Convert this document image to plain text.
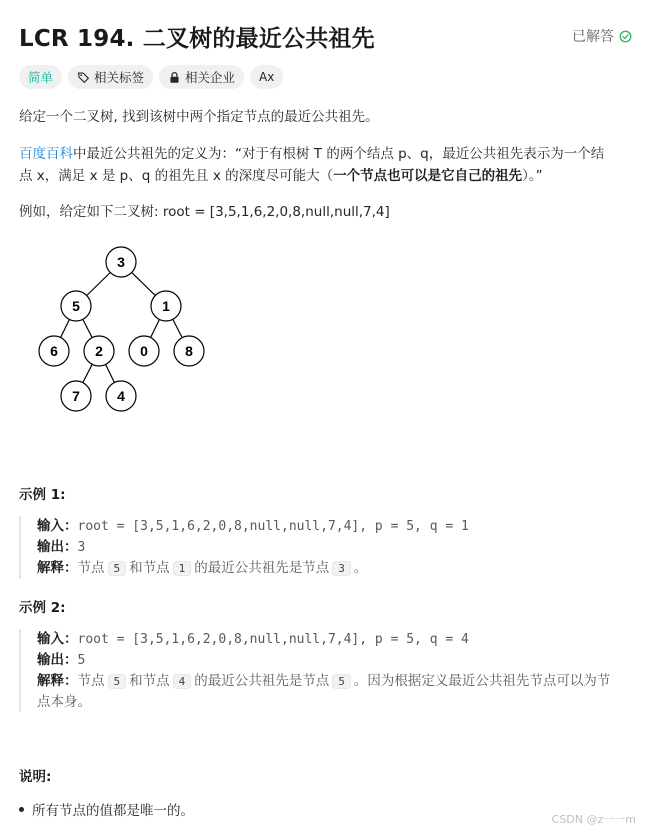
LCR 194. 二叉树的最近公共祖先	已解答
简单	相关标签	相关企业 Ax
给定一个二叉树, 找到该树中两个指定节点的最近公共祖先。
百度百科中最近公共祖先的定义为：“对于有根树 T 的两个结点 p、q，最近公共祖先表示为一个结
点 x，满足 x 是 p、q 的祖先且 x 的深度尽可能大（一个节点也可以是它自己的祖先）。”
例如，给定如下二叉树: root = [3,5,1,6,2,0,8,null,null,7,4]
3
5	1
6	2	0	8
7	4
示例 1:
输入：root = [3,5,1,6,2,0,8,null,null,7,4], p = 5, q = 1
输出：3
解释：节点 5 和节点 1 的最近公共祖先是节点 3 。
示例 2:
输入：root = [3,5,1,6,2,0,8,null,null,7,4], p = 5, q = 4
输出：5
解释：节点 5 和节点 4 的最近公共祖先是节点 5 。因为根据定义最近公共祖先节点可以为节
点本身。
说明:
所有节点的值都是唯一的。
CSDN @z一一m
